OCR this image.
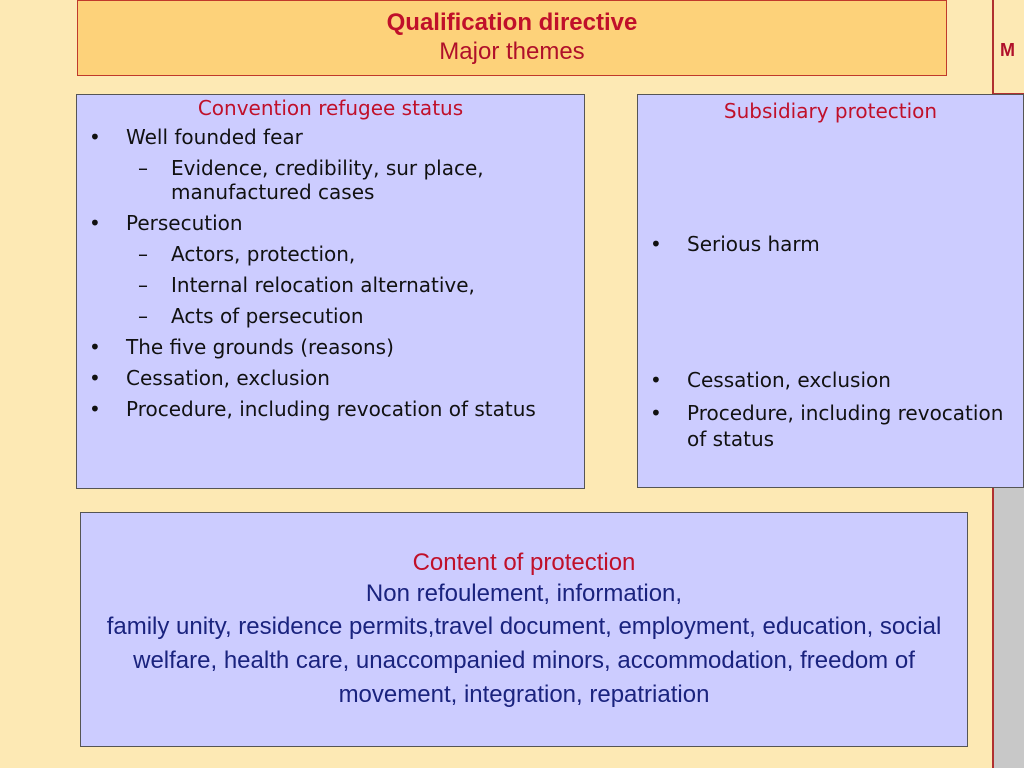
Qualification directive
Major themes	M
Convention refugee status
• Well founded fear
– Evidence, credibility, sur place, manufactured cases
• Persecution
– Actors, protection,
– Internal relocation alternative,
– Acts of persecution
• The five grounds (reasons)
• Cessation, exclusion
• Procedure, including revocation of status
Subsidiary protection
• Serious harm
• Cessation, exclusion
• Procedure, including revocation of status
Content of protection
Non refoulement, information,
family unity, residence permits,travel document, employment, education, social welfare, health care, unaccompanied minors, accommodation, freedom of movement, integration, repatriation
